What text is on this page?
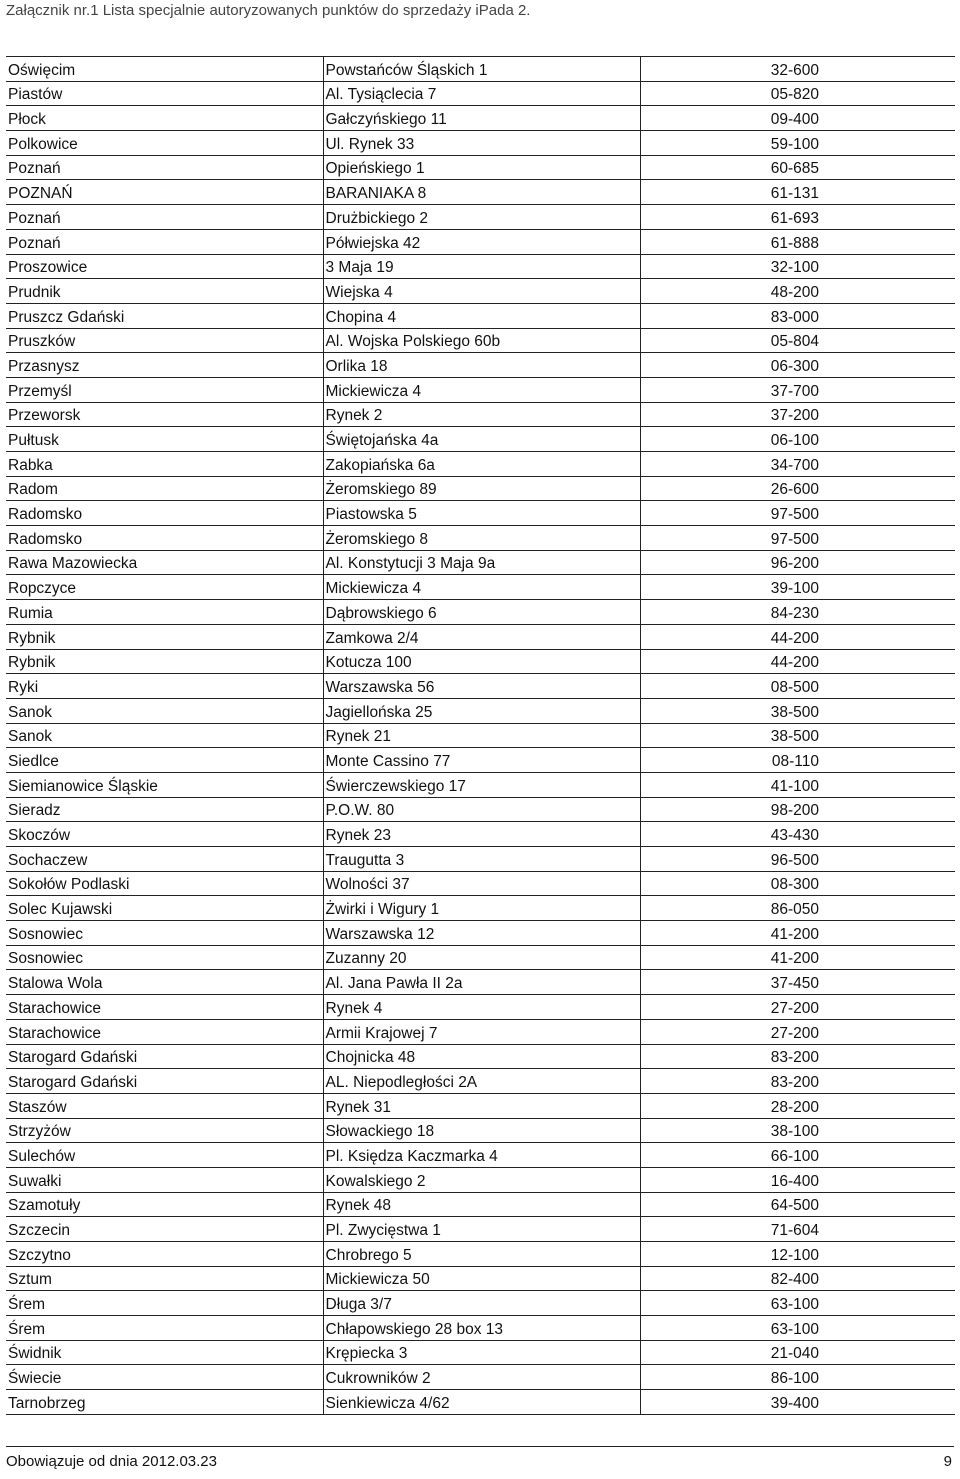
Załącznik nr.1 Lista specjalnie autoryzowanych punktów do sprzedaży iPada 2.
Oświęcim	Powstańców Śląskich 1	32-600
Piastów	Al. Tysiąclecia 7	05-820
Płock	Gałczyńskiego 11	09-400
Polkowice	Ul. Rynek 33	59-100
Poznań	Opieńskiego 1	60-685
POZNAŃ	BARANIAKA 8	61-131
Poznań	Drużbickiego 2	61-693
Poznań	Półwiejska 42	61-888
Proszowice	3 Maja 19	32-100
Prudnik	Wiejska 4	48-200
Pruszcz Gdański	Chopina 4	83-000
Pruszków	Al. Wojska Polskiego 60b	05-804
Przasnysz	Orlika 18	06-300
Przemyśl	Mickiewicza 4	37-700
Przeworsk	Rynek 2	37-200
Pułtusk	Świętojańska 4a	06-100
Rabka	Zakopiańska 6a	34-700
Radom	Żeromskiego 89	26-600
Radomsko	Piastowska 5	97-500
Radomsko	Żeromskiego 8	97-500
Rawa Mazowiecka	Al. Konstytucji 3 Maja 9a	96-200
Ropczyce	Mickiewicza 4	39-100
Rumia	Dąbrowskiego 6	84-230
Rybnik	Zamkowa 2/4	44-200
Rybnik	Kotucza 100	44-200
Ryki	Warszawska 56	08-500
Sanok	Jagiellońska 25	38-500
Sanok	Rynek 21	38-500
Siedlce	Monte Cassino 77	08-110
Siemianowice Śląskie	Świerczewskiego 17	41-100
Sieradz	P.O.W. 80	98-200
Skoczów	Rynek 23	43-430
Sochaczew	Traugutta 3	96-500
Sokołów Podlaski	Wolności 37	08-300
Solec Kujawski	Żwirki i Wigury 1	86-050
Sosnowiec	Warszawska 12	41-200
Sosnowiec	Zuzanny 20	41-200
Stalowa Wola	Al. Jana Pawła II 2a	37-450
Starachowice	Rynek 4	27-200
Starachowice	Armii Krajowej 7	27-200
Starogard Gdański	Chojnicka 48	83-200
Starogard Gdański	AL. Niepodległości 2A	83-200
Staszów	Rynek 31	28-200
Strzyżów	Słowackiego 18	38-100
Sulechów	Pl. Księdza Kaczmarka 4	66-100
Suwałki	Kowalskiego 2	16-400
Szamotuły	Rynek 48	64-500
Szczecin	Pl. Zwycięstwa 1	71-604
Szczytno	Chrobrego 5	12-100
Sztum	Mickiewicza 50	82-400
Śrem	Długa 3/7	63-100
Śrem	Chłapowskiego 28 box 13	63-100
Świdnik	Krępiecka 3	21-040
Świecie	Cukrowników 2	86-100
Tarnobrzeg	Sienkiewicza 4/62	39-400
Obowiązuje od dnia 2012.03.23	9
